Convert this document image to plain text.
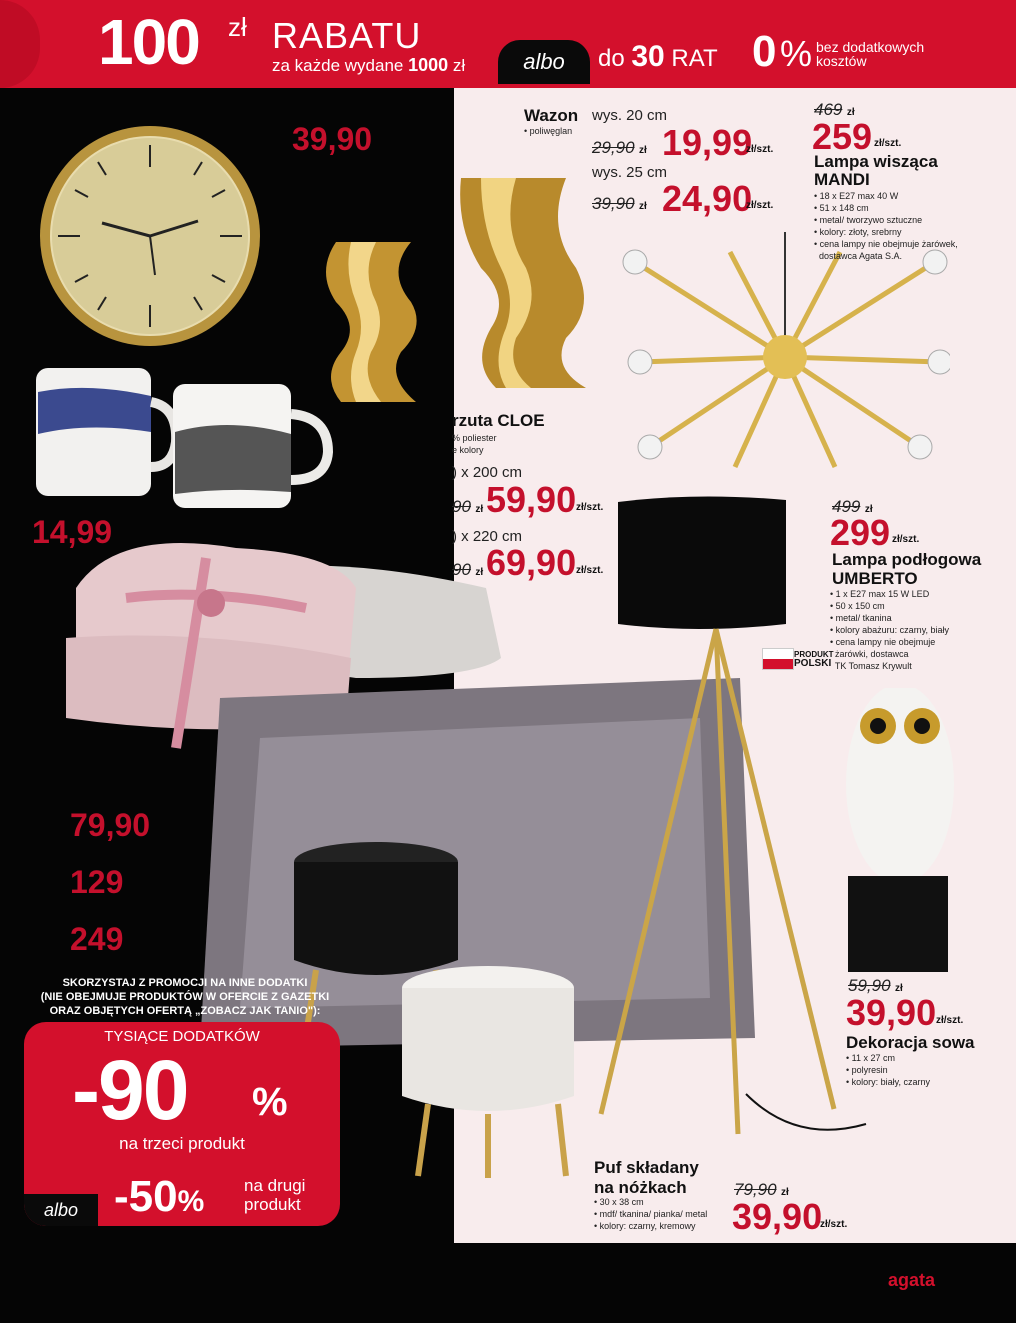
100 zł RABATU
za każde wydane 1000 zł	albo	do 30 RAT 0 % bez dodatkowych kosztów
PRODUKT
POLSKI
39,90
14,99
79,90
129
249
Wazon
• poliwęglan
wys. 20 cm
29,90 zł 19,99
zł/szt.
wys. 25 cm
39,90 zł 24,90
zł/szt.
rzuta CLOE
% poliester
e kolory
) x 200 cm
90 zł 59,90 zł/szt.
) x 220 cm
90 zł 69,90 zł/szt.
469 zł
259 zł/szt.
Lampa wisząca
MANDI
• 18 x E27 max 40 W
• 51 x 148 cm
• metal/ tworzywo sztuczne
• kolory: złoty, srebrny
• cena lampy nie obejmuje żarówek,
dostawca Agata S.A.
499 zł
299 zł/szt.
Lampa podłogowa
UMBERTO
• 1 x E27 max 15 W LED
• 50 x 150 cm
• metal/ tkanina
• kolory abażuru: czarny, biały
• cena lampy nie obejmuje
żarówki, dostawca
TK Tomasz Krywult
59,90 zł
39,90 zł/szt.
Dekoracja sowa
• 11 x 27 cm
• polyresin
• kolory: biały, czarny
Puf składany
na nóżkach
• 30 x 38 cm
• mdf/ tkanina/ pianka/ metal
• kolory: czarny, kremowy
79,90 zł
39,90
zł/szt.
SKORZYSTAJ Z PROMOCJI NA INNE DODATKI
(NIE OBEJMUJE PRODUKTÓW W OFERCIE Z GAZETKI
ORAZ OBJĘTYCH OFERTĄ „ZOBACZ JAK TANIO"):
TYSIĄCE DODATKÓW
-90 %
na trzeci produkt
albo -50% na drugi
produkt
agata
